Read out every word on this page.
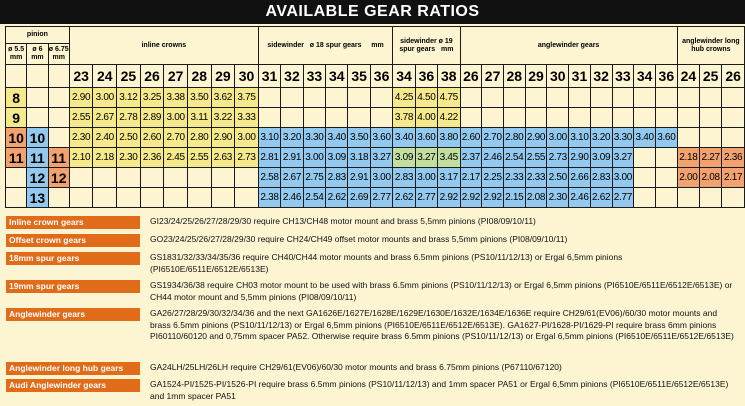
AVAILABLE GEAR RATIOS
pinion			inline crowns								sidewinder   ø 18 spur gears     mm						sidewinder ø 19 spur gears   mm			anglewinder gears										anglewinder long hub crowns		
ø 5.5 mm	ø 6 mm	ø 6.75 mm																														
			23	24	25	26	27	28	29	30	31	32	33	34	35	36	34	36	38	26	27	28	29	30	31	32	33	34	36	24	25	26
8			2.90	3.00	3.12	3.25	3.38	3.50	3.62	3.75							4.25	4.50	4.75													
9			2.55	2.67	2.78	2.89	3.00	3.11	3.22	3.33							3.78	4.00	4.22													
10	10		2.30	2.40	2.50	2.60	2.70	2.80	2.90	3.00	3.10	3.20	3.30	3.40	3.50	3.60	3.40	3.60	3.80	2.60	2.70	2.80	2.90	3.00	3.10	3.20	3.30	3.40	3.60			
11	11	11	2.10	2.18	2.30	2.36	2.45	2.55	2.63	2.73	2.81	2.91	3.00	3.09	3.18	3.27	3.09	3.27	3.45	2.37	2.46	2.54	2.55	2.73	2.90	3.09	3.27			2.18	2.27	2.36
	12	12									2.58	2.67	2.75	2.83	2.91	3.00	2.83	3.00	3.17	2.17	2.25	2.33	2.33	2.50	2.66	2.83	3.00			2.00	2.08	2.17
	13										2.38	2.46	2.54	2.62	2.69	2.77	2.62	2.77	2.92	2.92	2.92	2.15	2.08	2.30	2.46	2.62	2.77					
Inline crown gears	GI23/24/25/26/27/28/29/30 require CH13/CH48 motor mount and brass 5,5mm pinions (PI08/09/10/11)
Offset crown gears	GO23/24/25/26/27/28/29/30 require CH24/CH49 offset motor mounts and brass 5,5mm pinions (PI08/09/10/11)
18mm spur gears	GS1831/32/33/34/35/36 require CH40/CH44 motor mounts and brass 6.5mm pinions (PS10/11/12/13) or Ergal 6,5mm pinions (PI6510E/6511E/6512E/6513E)
19mm spur gears	GS1934/36/38 require CH03 motor mount to be used with brass 6.5mm pinions (PS10/11/12/13) or Ergal 6,5mm pinions (PI6510E/6511E/6512E/6513E) or CH44 motor mount and 5,5mm pinions (PI08/09/10/11)
Anglewinder gears	GA26/27/28/29/30/32/34/36 and the next GA1626E/1627E/1628E/1629E/1630E/1632E/1634E/1636E require CH29/61(EV06)/60/30 motor mounts and brass 6.5mm pinions (PS10/11/12/13) or Ergal 6,5mm pinions (PI6510E/6511E/6512E/6513E). GA1627-PI/1628-PI/1629-PI require brass 6mm pinions PI60110/60120 and 0,75mm spacer PA52. Otherwise require brass 6.5mm pinions (PS10/11/12/13) or Ergal 6,5mm pinions (PI6510E/6511E/6512E/6513E)
Anglewinder long hub gears	GA24LH/25LH/26LH require CH29/61(EV06)/60/30 motor mounts and brass 6.75mm pinions (P67110/67120)
Audi Anglewinder gears	GA1524-PI/1525-PI/1526-PI require brass 6.5mm pinions (PS10/11/12/13) and 1mm spacer PA51 or Ergal 6,5mm pinions (PI6510E/6511E/6512E/6513E) and 1mm spacer PA51
